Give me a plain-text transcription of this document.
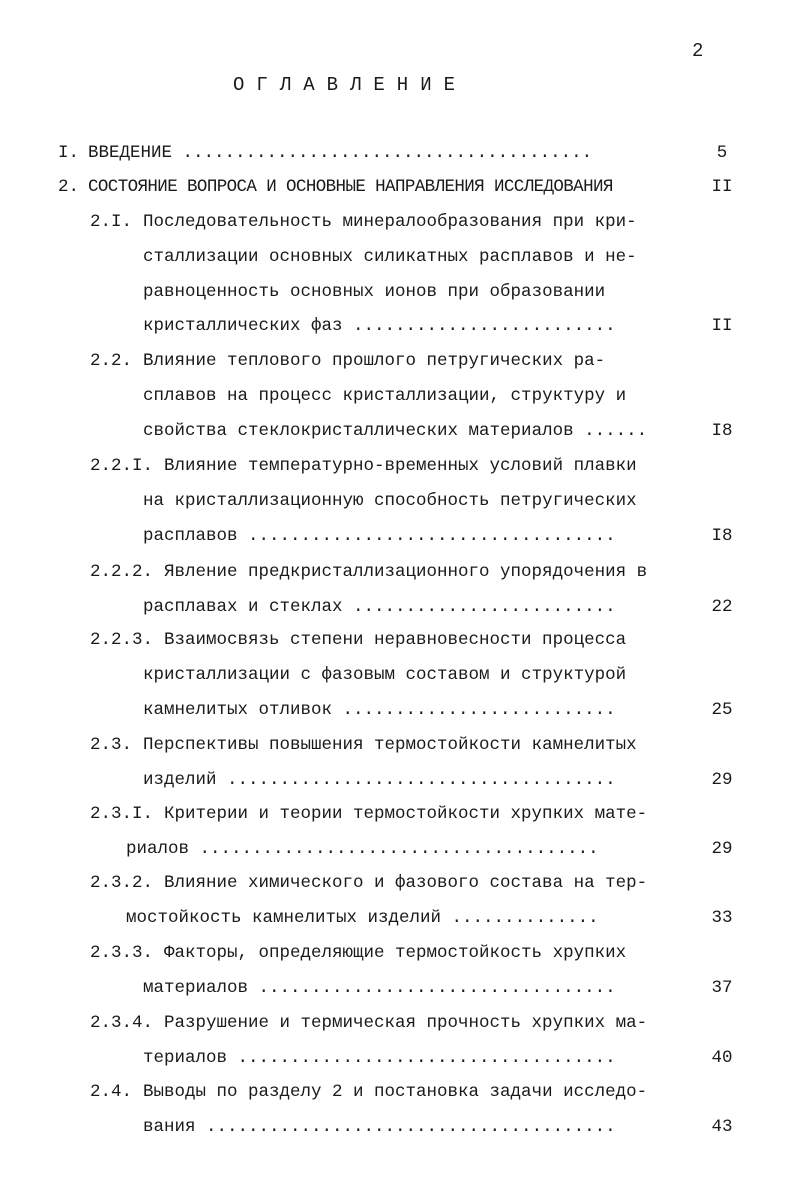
2
ОГЛАВЛЕНИЕ
I. ВВЕДЕНИЕ .......................................	5
2. СОСТОЯНИЕ ВОПРОСА И ОСНОВНЫЕ НАПРАВЛЕНИЯ ИССЛЕДОВАНИЯ	II
2.I. Последовательность минералообразования при кри-
сталлизации основных силикатных расплавов и не-
равноценность основных ионов при образовании
кристаллических фаз .........................	II
2.2. Влияние теплового прошлого петругических ра-
сплавов на процесс кристаллизации, структуру и
свойства стеклокристаллических материалов ......	I8
2.2.I. Влияние температурно-временных условий плавки
на кристаллизационную способность петругических
расплавов ...................................	I8
2.2.2. Явление предкристаллизационного упорядочения в
расплавах и стеклах .........................	22
2.2.3. Взаимосвязь степени неравновесности процесса
кристаллизации с фазовым составом и структурой
камнелитых отливок ..........................	25
2.3. Перспективы повышения термостойкости камнелитых
изделий .....................................	29
2.3.I. Критерии и теории термостойкости хрупких мате-
риалов ......................................	29
2.3.2. Влияние химического и фазового состава на тер-
мостойкость камнелитых изделий ..............	33
2.3.3. Факторы, определяющие термостойкость хрупких
материалов ..................................	37
2.3.4. Разрушение и термическая прочность хрупких ма-
териалов ....................................	40
2.4. Выводы по разделу 2 и постановка задачи исследо-
вания .......................................	43
